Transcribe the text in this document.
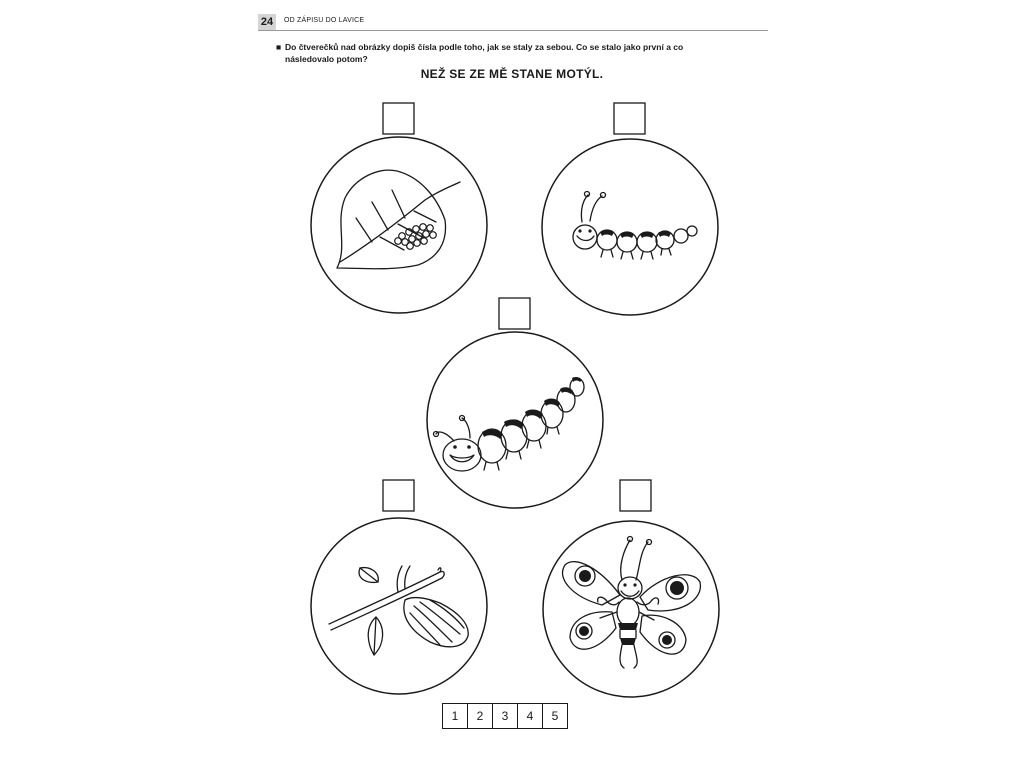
24	OD ZÁPISU DO LAVICE
■ Do čtverečků nad obrázky dopiš čísla podle toho, jak se staly za sebou. Co se stalo jako první a co
následovalo potom?
NEŽ SE ZE MĚ STANE MOTÝL.
1	2	3	4	5
